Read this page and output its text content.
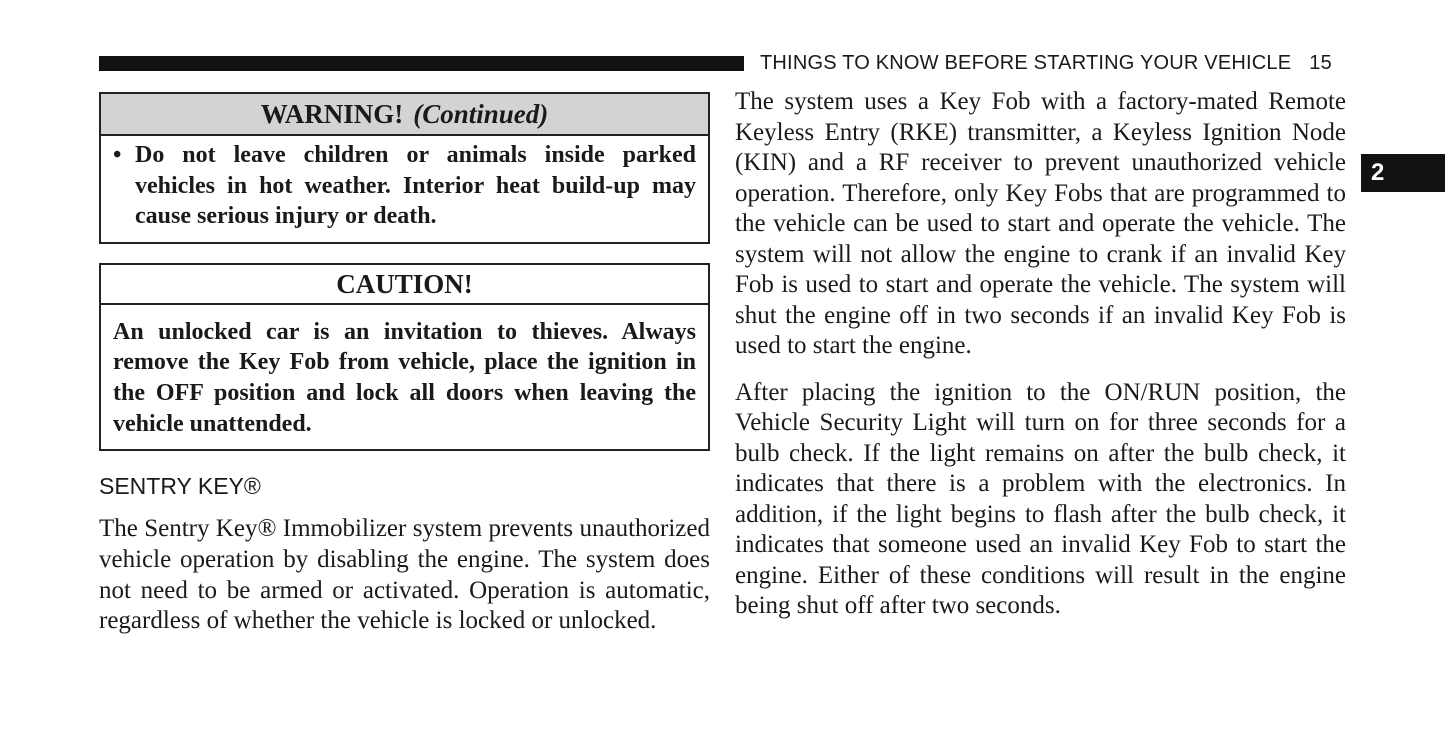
THINGS TO KNOW BEFORE STARTING YOUR VEHICLE 15
2
WARNING! (Continued)
• Do not leave children or animals inside parked vehicles in hot weather. Interior heat build-up may cause serious injury or death.
CAUTION!
An unlocked car is an invitation to thieves. Always remove the Key Fob from vehicle, place the ignition in the OFF position and lock all doors when leaving the vehicle unattended.
SENTRY KEY®
The Sentry Key® Immobilizer system prevents unauthorized vehicle operation by disabling the engine. The system does not need to be armed or activated. Operation is automatic, regardless of whether the vehicle is locked or unlocked.

The system uses a Key Fob with a factory-mated Remote Keyless Entry (RKE) transmitter, a Keyless Ignition Node (KIN) and a RF receiver to prevent unauthorized vehicle operation. Therefore, only Key Fobs that are programmed to the vehicle can be used to start and operate the vehicle. The system will not allow the engine to crank if an invalid Key Fob is used to start and operate the vehicle. The system will shut the engine off in two seconds if an invalid Key Fob is used to start the engine.

After placing the ignition to the ON/RUN position, the Vehicle Security Light will turn on for three seconds for a bulb check. If the light remains on after the bulb check, it indicates that there is a problem with the electronics. In addition, if the light begins to flash after the bulb check, it indicates that someone used an invalid Key Fob to start the engine. Either of these conditions will result in the engine being shut off after two seconds.
